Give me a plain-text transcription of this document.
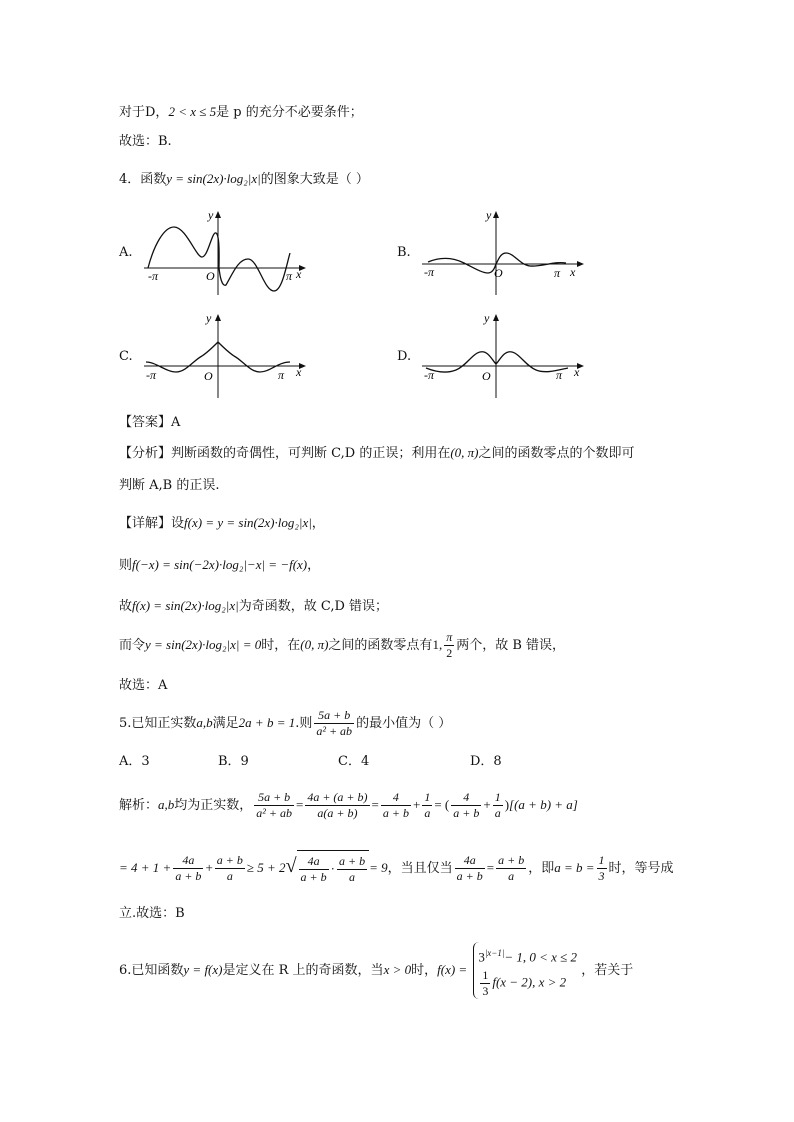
对于D，2 < x ≤ 5是 p 的充分不必要条件；
故选：B.
4．函数y = sin(2x)·log₂|x|的图象大致是（ ）
A.
-π	O	π x
y
B.
-π	O	π x
y
C.
-π	O	π x
y
D.
-π	O	π x
y
【答案】A
【分析】判断函数的奇偶性，可判断 C,D 的正误；利用在(0, π)之间的函数零点的个数即可
判断 A,B 的正误.
【详解】设f(x) = y = sin(2x)·log₂|x|，
则f(−x) = sin(−2x)·log₂|−x| = −f(x)，
故f(x) = sin(2x)·log₂|x|为奇函数，故 C,D 错误；
而令y = sin(2x)·log₂|x| = 0时，在(0, π)之间的函数零点有1, $\frac{\pi}{2}$ 两个，故 B 错误，
故选：A
5.已知正实数a,b满足2a + b = 1.则 $\frac{5a + b}{\text{a² + ab}}$ 的最小值为（ ）
A．3	B．9	C．4	D．8
解析：a,b均为正实数， $\frac{5a + b}{\text{a² + ab}} = \frac{4a + (a + b)}{a(a + b)} = \frac{4}{a + b} + \frac{1}{a}$ = ( $\frac{4}{a + b} + \frac{1}{a} )[(a + b) + a]$
= $4 + 1 + \frac{4a}{a + b} + \frac{a + b}{a} \ge 5 + 2√ \frac{4a}{a + b} \cdot \frac{a + b}{a} = 9$，当且仅当 $\frac{4a}{a + b} = \frac{a + b}{a}$ ，即$a = b = \frac{1}{3}$ 时，等号成
立.故选：B
6.已知函数y = f(x)是定义在 R 上的奇函数，当x > 0时，f(x) =
$3^{|x-1|}- 1$, 0 < x ≤ 2
$\frac{1}{3} f(x - 2)$, x > 2
，若关于
